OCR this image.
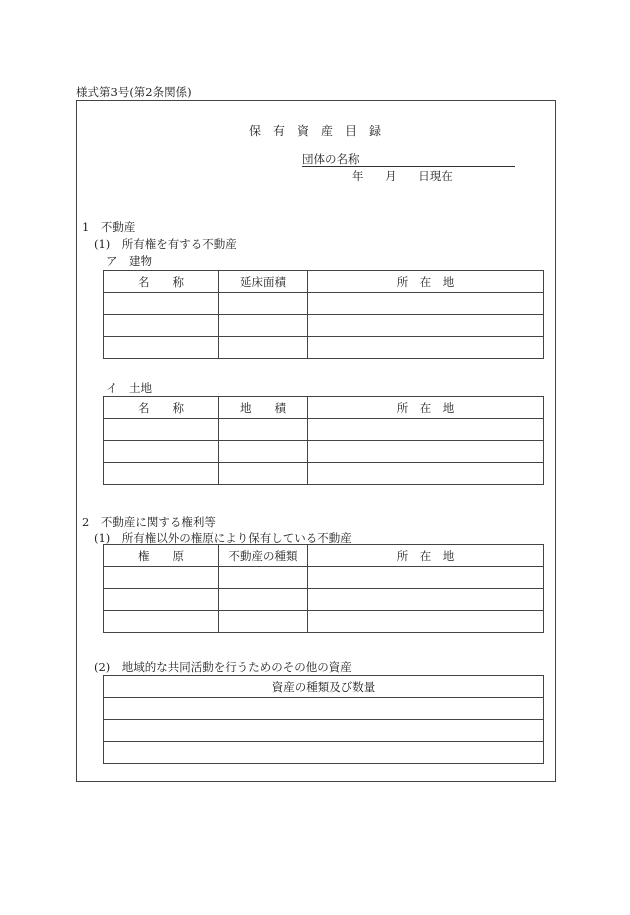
様式第3号(第2条関係)
保有資産目録
団体の名称
年 月 日現在
1　不動産
(1)　所有権を有する不動産
ア　建物
名　　称	延床面積	所　在　地

イ　土地
名　　称	地　　積	所　在　地

2　不動産に関する権利等
(1)　所有権以外の権原により保有している不動産
権　　原	不動産の種類	所　在　地

(2)　地域的な共同活動を行うためのその他の資産
資産の種類及び数量
